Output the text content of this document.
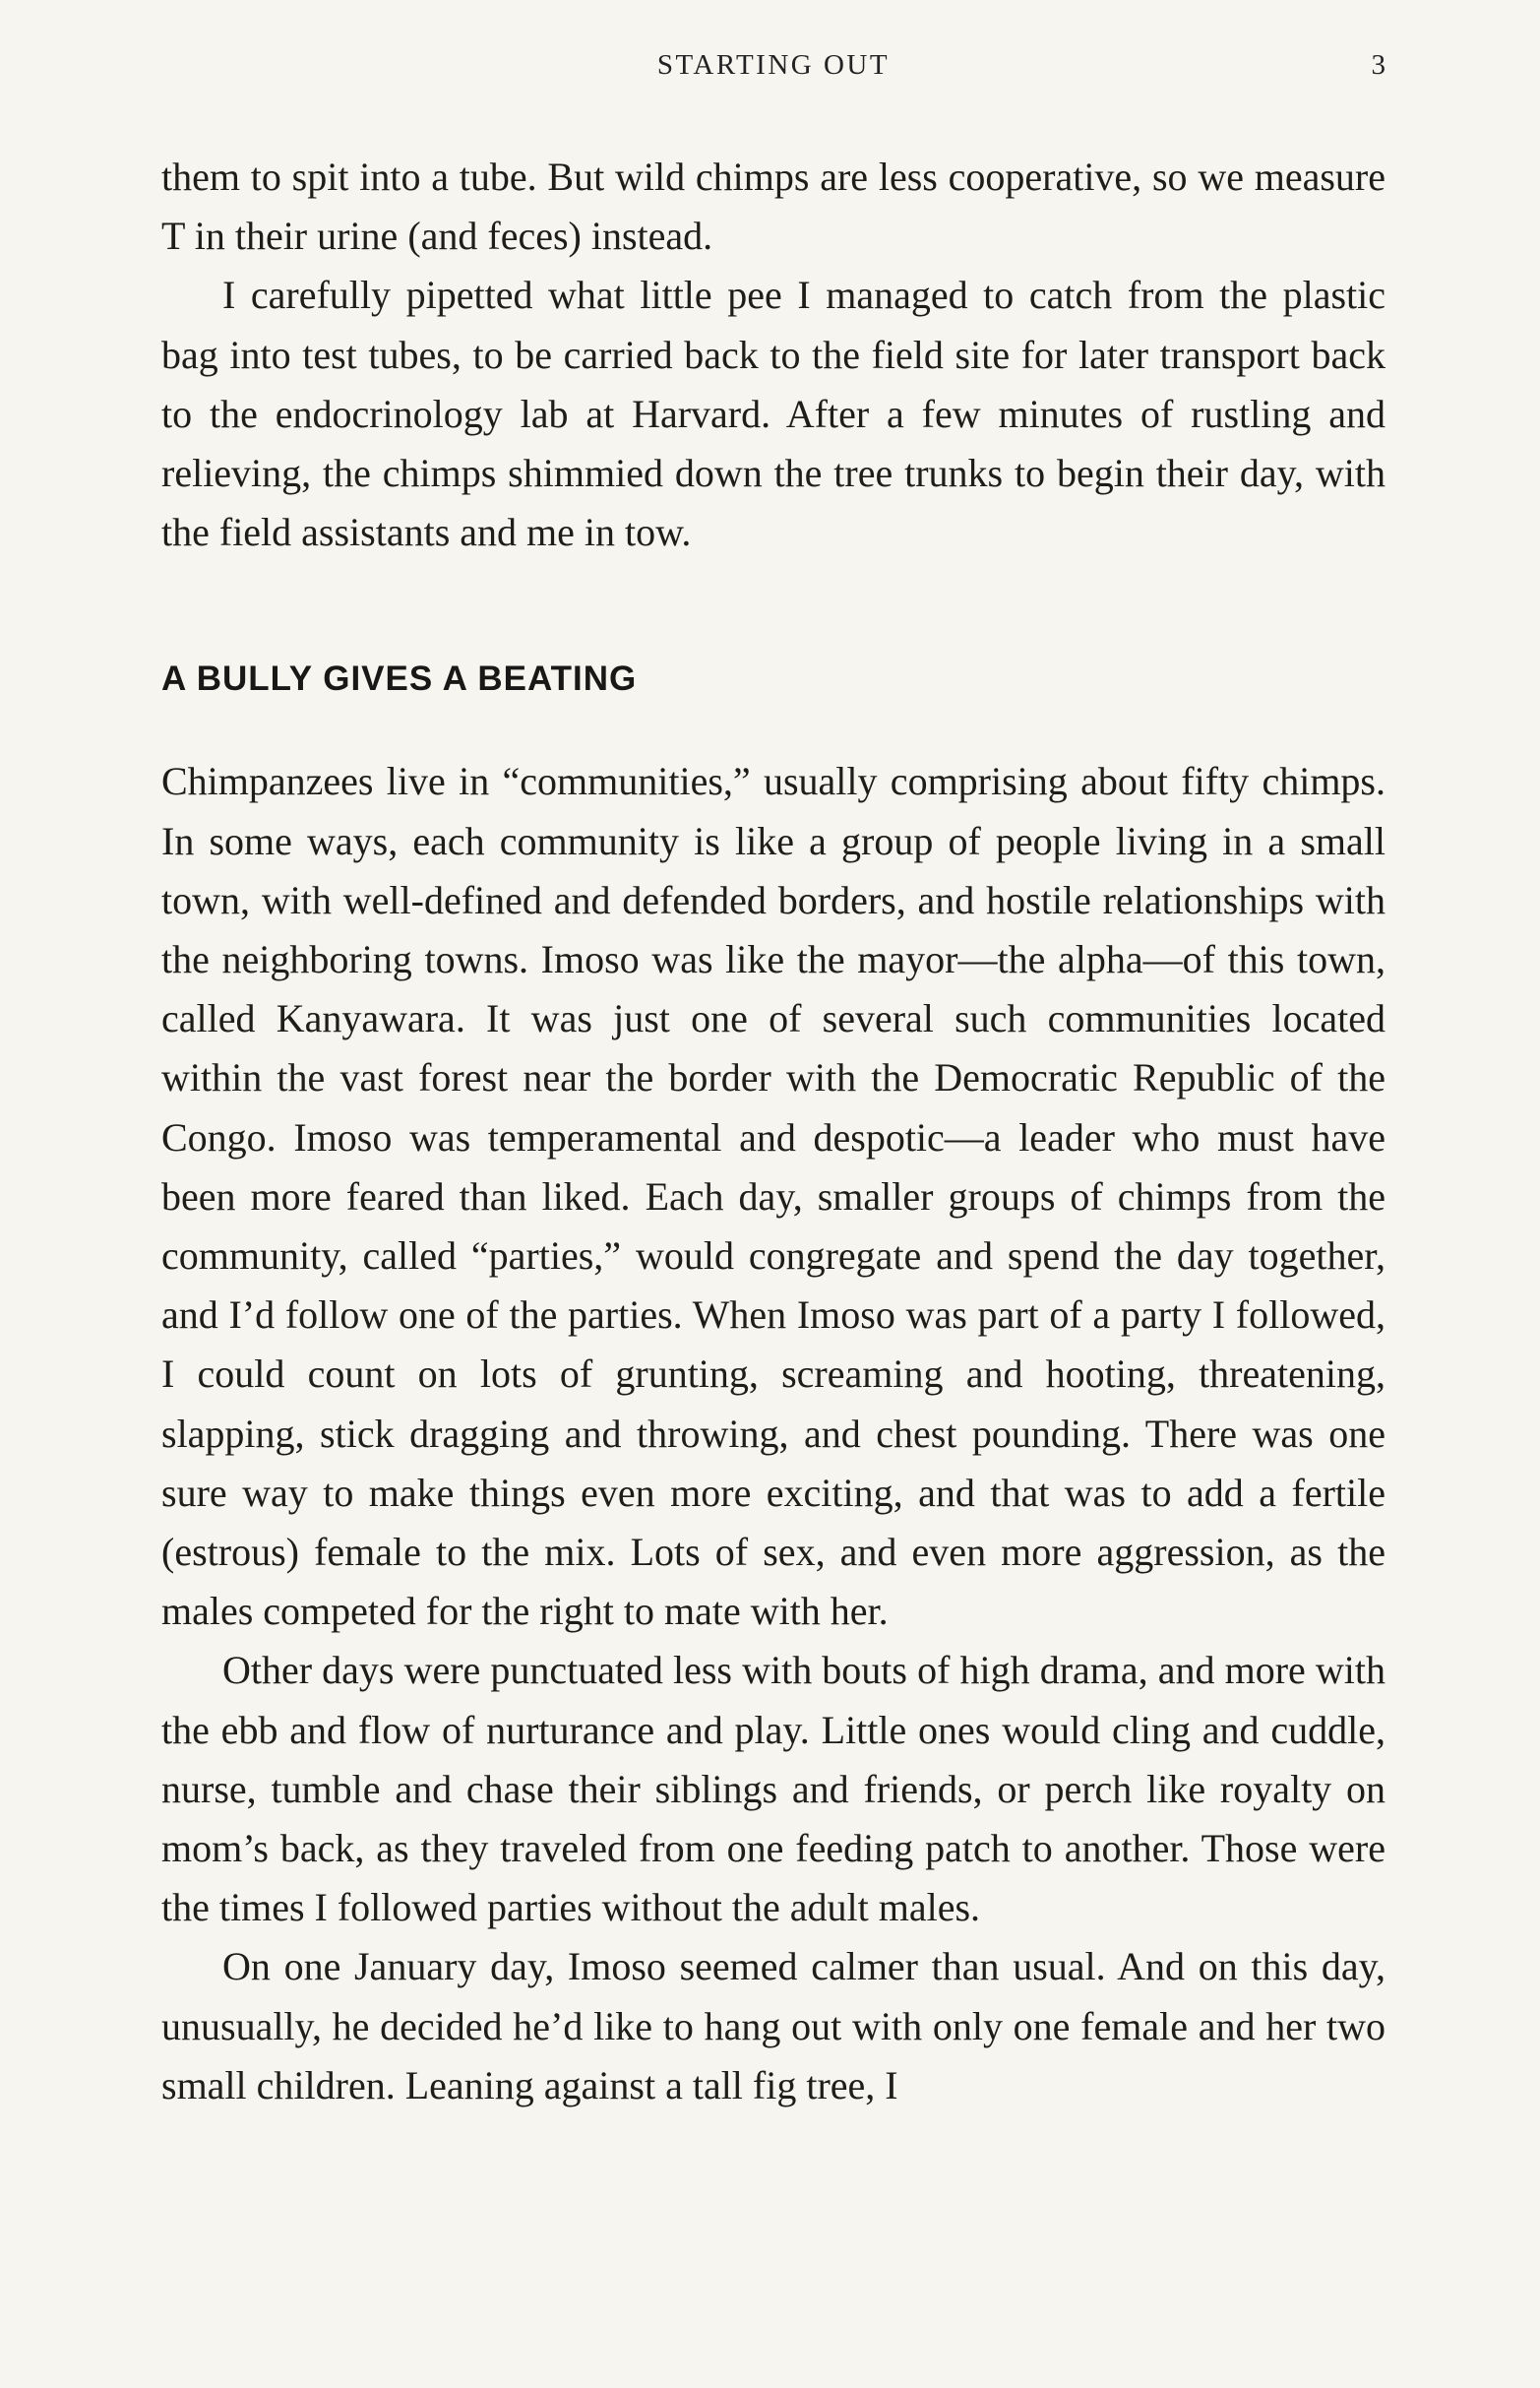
STARTING OUT	3

them to spit into a tube. But wild chimps are less cooperative, so we measure T in their urine (and feces) instead.

I carefully pipetted what little pee I managed to catch from the plastic bag into test tubes, to be carried back to the field site for later transport back to the endocrinology lab at Harvard. After a few minutes of rustling and relieving, the chimps shimmied down the tree trunks to begin their day, with the field assistants and me in tow.

A BULLY GIVES A BEATING

Chimpanzees live in “communities,” usually comprising about fifty chimps. In some ways, each community is like a group of people living in a small town, with well-defined and defended borders, and hostile relationships with the neighboring towns. Imoso was like the mayor—the alpha—of this town, called Kanyawara. It was just one of several such communities located within the vast forest near the border with the Democratic Republic of the Congo. Imoso was temperamental and despotic—a leader who must have been more feared than liked. Each day, smaller groups of chimps from the community, called “parties,” would congregate and spend the day together, and I’d follow one of the parties. When Imoso was part of a party I followed, I could count on lots of grunting, screaming and hooting, threatening, slapping, stick dragging and throwing, and chest pounding. There was one sure way to make things even more exciting, and that was to add a fertile (estrous) female to the mix. Lots of sex, and even more aggression, as the males competed for the right to mate with her.

Other days were punctuated less with bouts of high drama, and more with the ebb and flow of nurturance and play. Little ones would cling and cuddle, nurse, tumble and chase their siblings and friends, or perch like royalty on mom’s back, as they traveled from one feeding patch to another. Those were the times I followed parties without the adult males.

On one January day, Imoso seemed calmer than usual. And on this day, unusually, he decided he’d like to hang out with only one female and her two small children. Leaning against a tall fig tree, I
